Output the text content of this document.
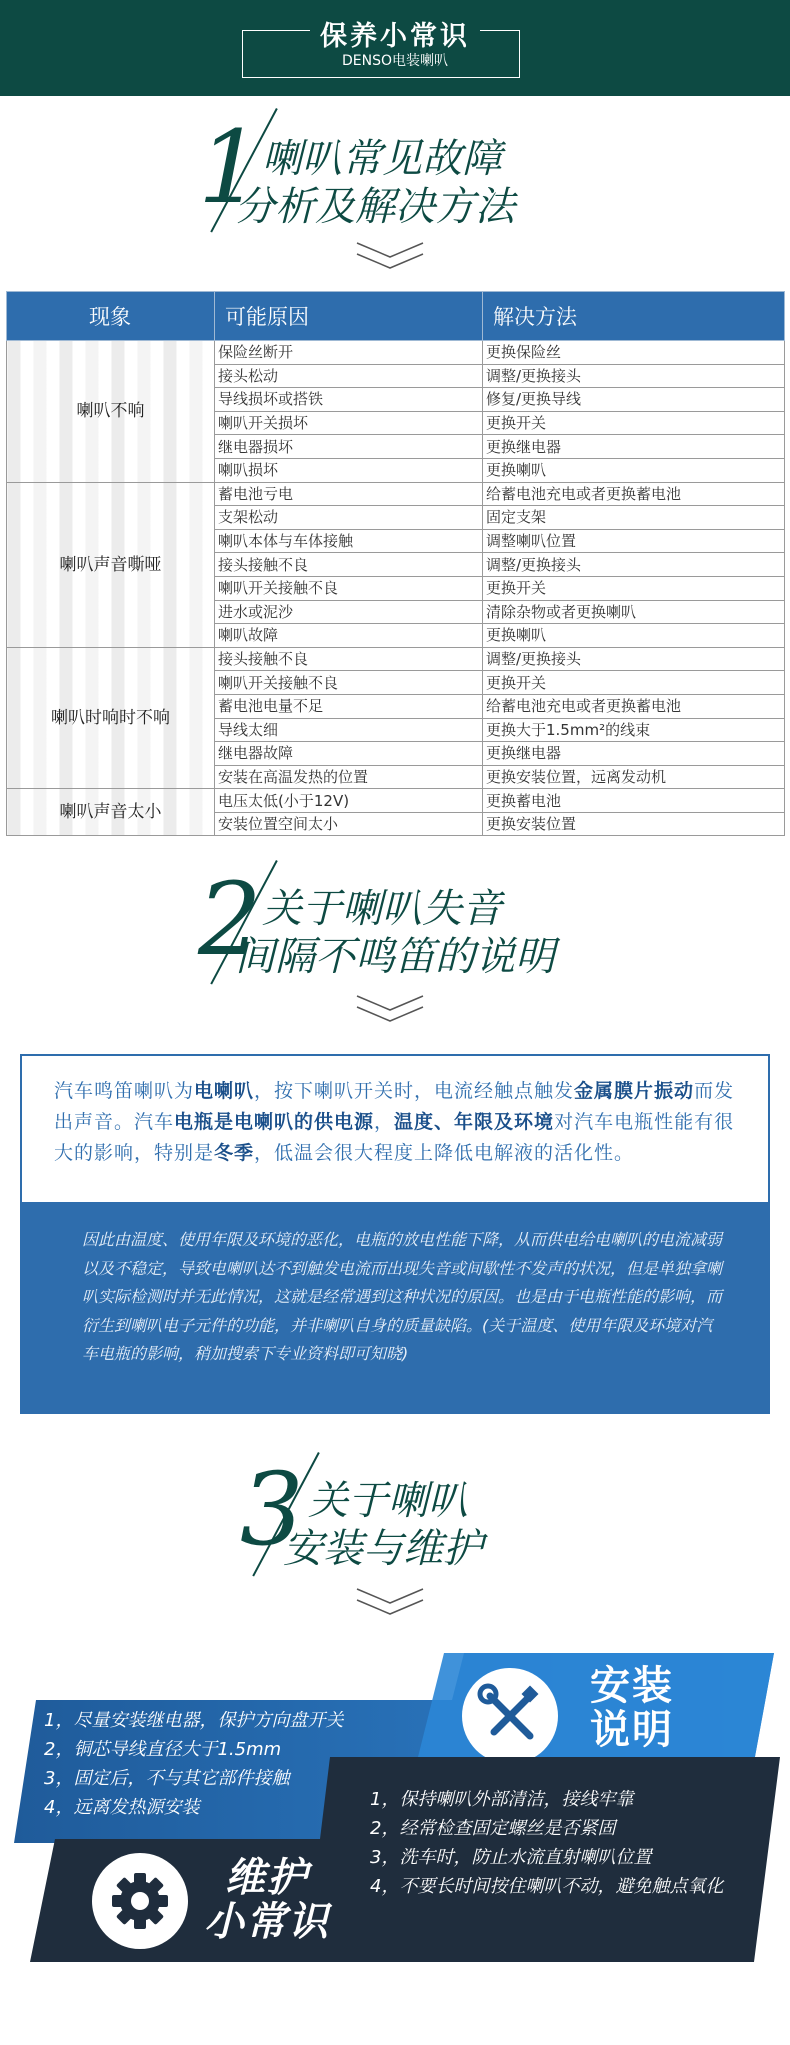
保养小常识
DENSO电装喇叭
1 喇叭常见故障
分析及解决方法
现象	可能原因	解决方法
喇叭不响	保险丝断开	更换保险丝
	接头松动	调整/更换接头
	导线损坏或搭铁	修复/更换导线
	喇叭开关损坏	更换开关
	继电器损坏	更换继电器
	喇叭损坏	更换喇叭
喇叭声音嘶哑	蓄电池亏电	给蓄电池充电或者更换蓄电池
	支架松动	固定支架
	喇叭本体与车体接触	调整喇叭位置
	接头接触不良	调整/更换接头
	喇叭开关接触不良	更换开关
	进水或泥沙	清除杂物或者更换喇叭
	喇叭故障	更换喇叭
喇叭时响时不响	接头接触不良	调整/更换接头
	喇叭开关接触不良	更换开关
	蓄电池电量不足	给蓄电池充电或者更换蓄电池
	导线太细	更换大于1.5mm²的线束
	继电器故障	更换继电器
	安装在高温发热的位置	更换安装位置，远离发动机
喇叭声音太小	电压太低(小于12V)	更换蓄电池
	安装位置空间太小	更换安装位置
2 关于喇叭失音
间隔不鸣笛的说明

汽车鸣笛喇叭为电喇叭，按下喇叭开关时，电流经触点触发金属膜片振动而发出声音。汽车电瓶是电喇叭的供电源，温度、年限及环境对汽车电瓶性能有很大的影响，特别是冬季，低温会很大程度上降低电解液的活化性。

因此由温度、使用年限及环境的恶化，电瓶的放电性能下降，从而供电给电喇叭的电流减弱以及不稳定，导致电喇叭达不到触发电流而出现失音或间歇性不发声的状况，但是单独拿喇叭实际检测时并无此情况，这就是经常遇到这种状况的原因。也是由于电瓶性能的影响，而衍生到喇叭电子元件的功能，并非喇叭自身的质量缺陷。(关于温度、使用年限及环境对汽车电瓶的影响，稍加搜索下专业资料即可知晓)

3 关于喇叭
安装与维护
安装
说明
1，尽量安装继电器，保护方向盘开关
2，铜芯导线直径大于1.5mm
3，固定后，不与其它部件接触
4，远离发热源安装
维护
小常识
1，保持喇叭外部清洁，接线牢靠
2，经常检查固定螺丝是否紧固
3，洗车时，防止水流直射喇叭位置
4，不要长时间按住喇叭不动，避免触点氧化
